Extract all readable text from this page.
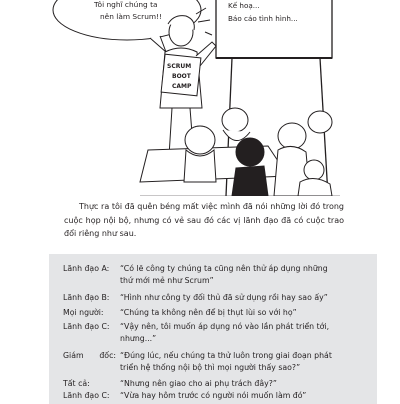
Tôi nghĩ chúng ta
nên làm Scrum!!
Kế hoạ...
Báo cáo tình hình...
SCRUM
BOOT
CAMP

Thực ra tôi đã quên béng mất việc mình đã nói những lời đó trong cuộc họp nội bộ, nhưng có vẻ sau đó các vị lãnh đạo đã có cuộc trao đổi riêng như sau.

Lãnh đạo A:	“Có lẽ công ty chúng ta cũng nên thử áp dụng những
thứ mới mẻ như Scrum”
Lãnh đạo B:	“Hình như công ty đối thủ đã sử dụng rồi hay sao ấy”
Mọi người:	“Chúng ta không nên để bị thụt lùi so với họ”
Lãnh đạo C:	“Vậy nên, tôi muốn áp dụng nó vào lần phát triển tới,
nhưng...”
Giám đốc: “Đúng lúc, nếu chúng ta thử luôn trong giai đoạn phát
triển hệ thống nội bộ thì mọi người thấy sao?”
Tất cả:	“Nhưng nên giao cho ai phụ trách đây?”
Lãnh đạo C:	“Vừa hay hôm trước có người nói muốn làm đó”
